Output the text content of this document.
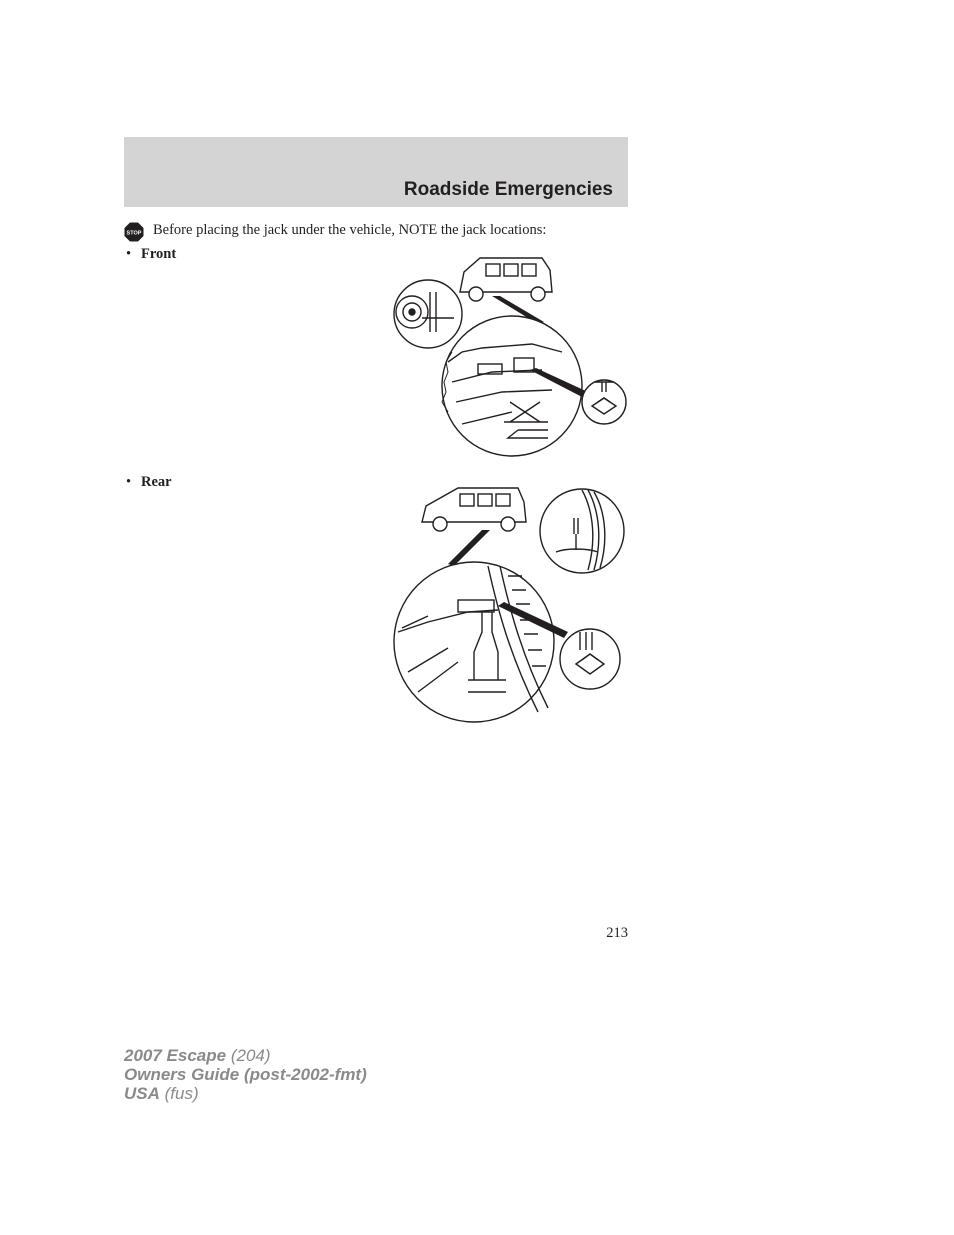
Roadside Emergencies
STOP Before placing the jack under the vehicle, NOTE the jack locations:
• Front
• Rear
213
2007 Escape (204)
Owners Guide (post-2002-fmt)
USA (fus)
